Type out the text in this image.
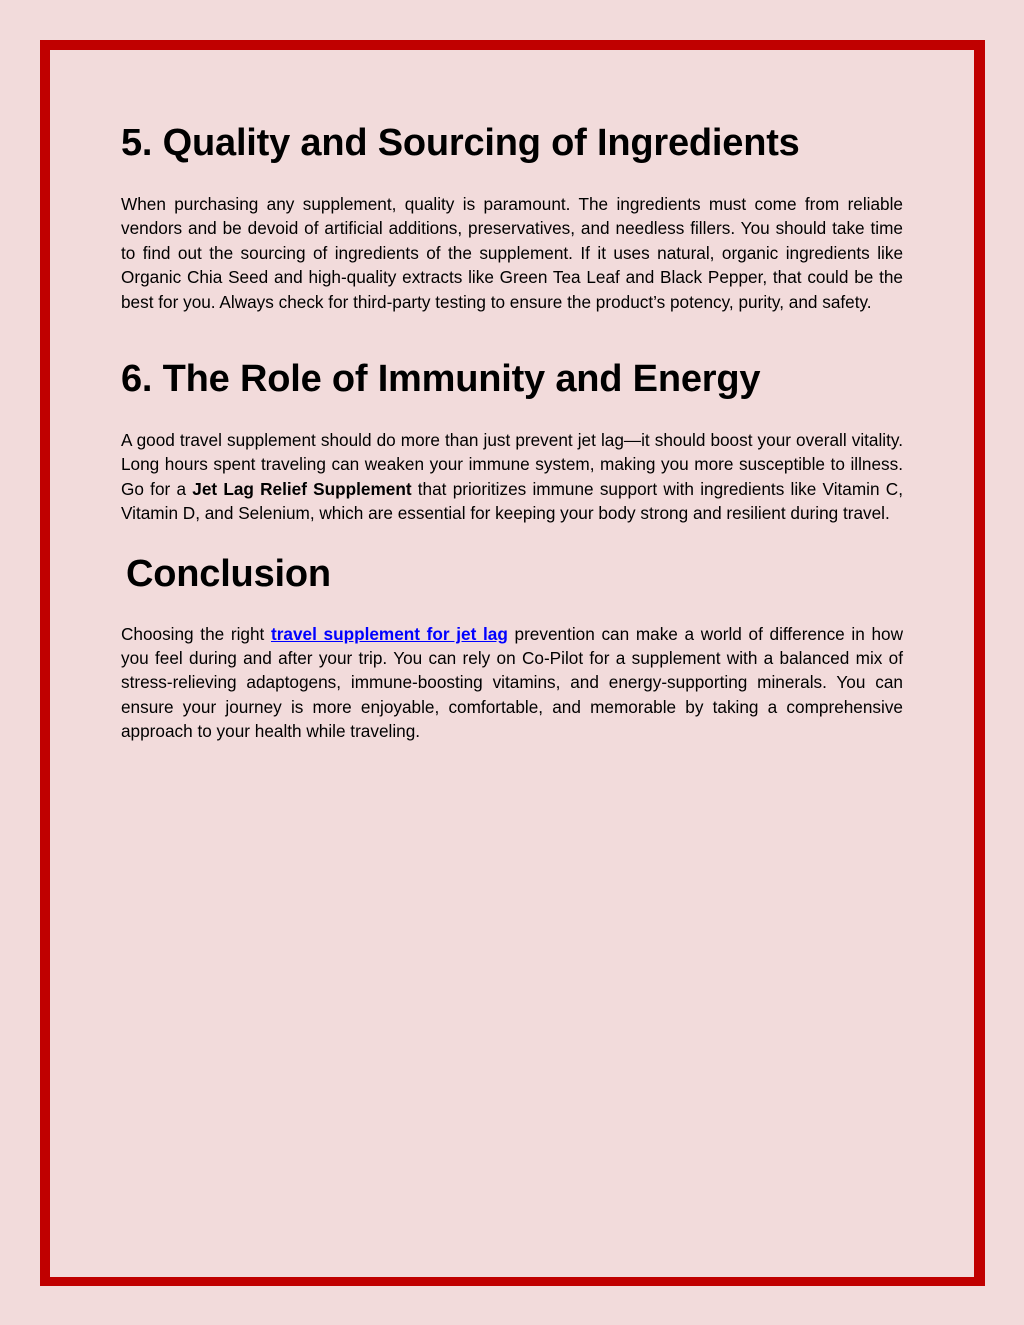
5. Quality and Sourcing of Ingredients

When purchasing any supplement, quality is paramount. The ingredients must come from reliable vendors and be devoid of artificial additions, preservatives, and needless fillers. You should take time to find out the sourcing of ingredients of the supplement. If it uses natural, organic ingredients like Organic Chia Seed and high-quality extracts like Green Tea Leaf and Black Pepper, that could be the best for you. Always check for third-party testing to ensure the product’s potency, purity, and safety.

6. The Role of Immunity and Energy

A good travel supplement should do more than just prevent jet lag—it should boost your overall vitality. Long hours spent traveling can weaken your immune system, making you more susceptible to illness. Go for a Jet Lag Relief Supplement that prioritizes immune support with ingredients like Vitamin C, Vitamin D, and Selenium, which are essential for keeping your body strong and resilient during travel.

Conclusion

Choosing the right travel supplement for jet lag prevention can make a world of difference in how you feel during and after your trip. You can rely on Co-Pilot for a supplement with a balanced mix of stress-relieving adaptogens, immune-boosting vitamins, and energy-supporting minerals. You can ensure your journey is more enjoyable, comfortable, and memorable by taking a comprehensive approach to your health while traveling.
